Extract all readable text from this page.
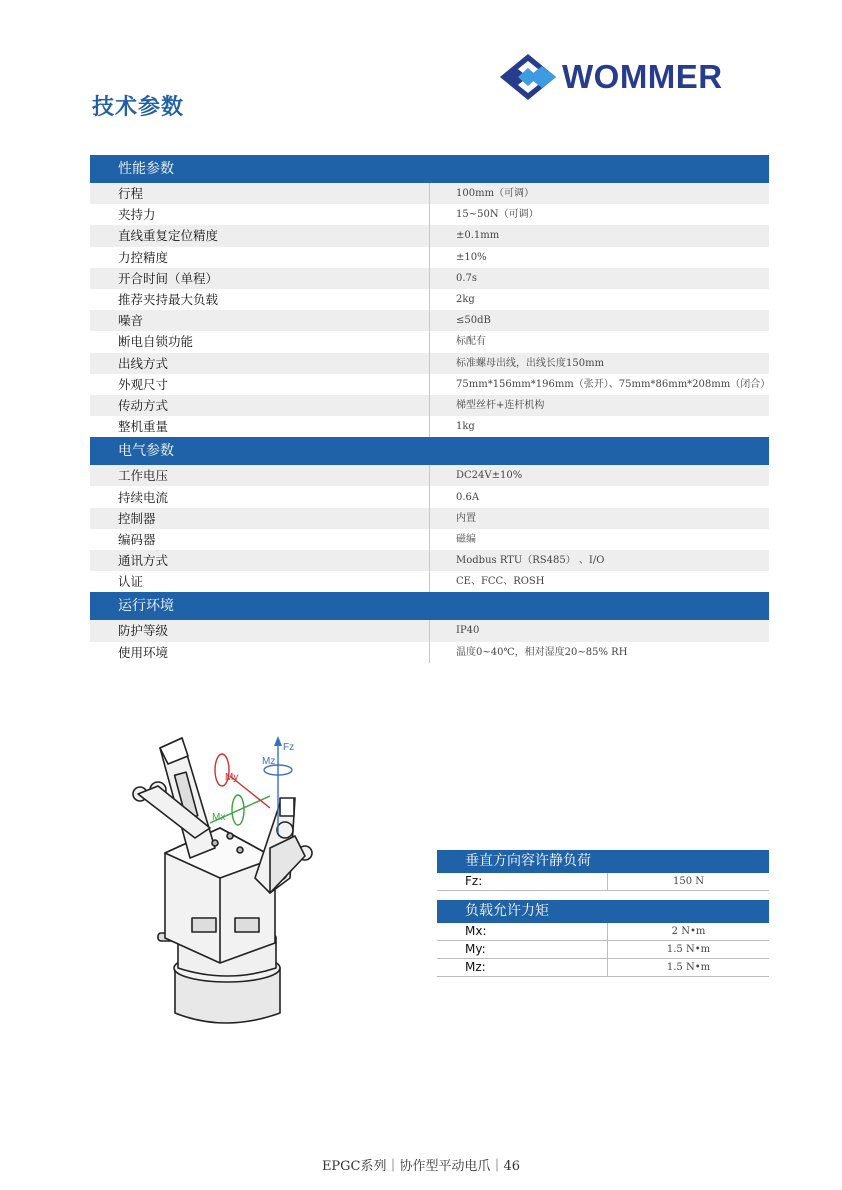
技术参数
WOMMER
性能参数	
行程	100mm（可调）
夹持力	15~50N（可调）
直线重复定位精度	±0.1mm
力控精度	±10%
开合时间（单程）	0.7s
推荐夹持最大负载	2kg
噪音	≤50dB
断电自锁功能	标配有
出线方式	标准螺母出线，出线长度150mm
外观尺寸	75mm*156mm*196mm（张开）、75mm*86mm*208mm（闭合）
传动方式	梯型丝杆+连杆机构
整机重量	1kg
电气参数	
工作电压	DC24V±10%
持续电流	0.6A
控制器	内置
编码器	磁编
通讯方式	Modbus RTU（RS485） 、I/O
认证	CE、FCC、ROSH
运行环境	
防护等级	IP40
使用环境	温度0~40℃，相对湿度20~85% RH
Fz
Mz
My
Mx
垂直方向容许静负荷
Fz:	150 N
负载允许力矩
Mx:	2 N•m
My:	1.5 N•m
Mz:	1.5 N•m
EPGC系列｜协作型平动电爪｜46
